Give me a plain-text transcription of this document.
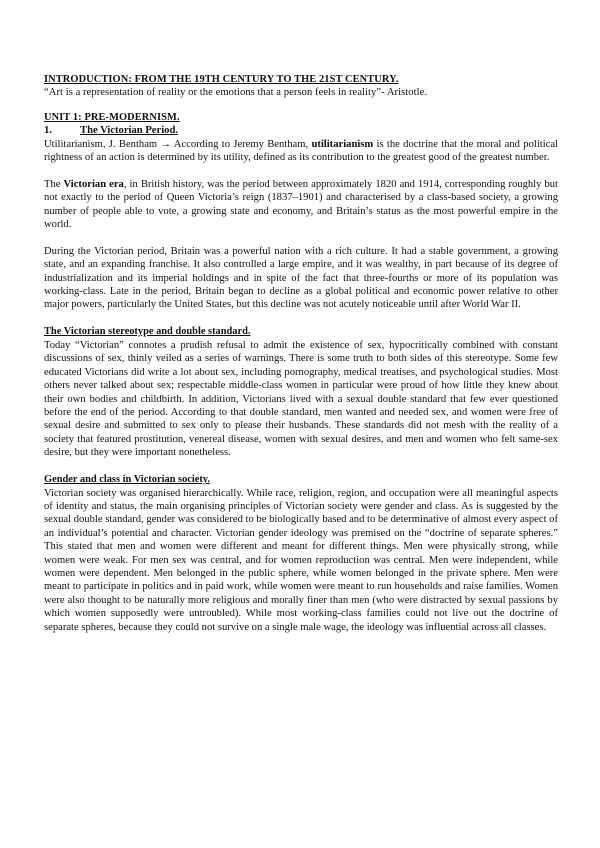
INTRODUCTION: FROM THE 19TH CENTURY TO THE 21ST CENTURY.

“Art is a representation of reality or the emotions that a person feels in reality”- Aristotle.

UNIT 1: PRE-MODERNISM.

1.	The Victorian Period.

Utilitarianism, J. Bentham → According to Jeremy Bentham, utilitarianism is the doctrine that the moral and political rightness of an action is determined by its utility, defined as its contribution to the greatest good of the greatest number.

The Victorian era, in British history, was the period between approximately 1820 and 1914, corresponding roughly but not exactly to the period of Queen Victoria’s reign (1837–1901) and characterised by a class-based society, a growing number of people able to vote, a growing state and economy, and Britain’s status as the most powerful empire in the world.

During the Victorian period, Britain was a powerful nation with a rich culture. It had a stable government, a growing state, and an expanding franchise. It also controlled a large empire, and it was wealthy, in part because of its degree of industrialization and its imperial holdings and in spite of the fact that three-fourths or more of its population was working-class. Late in the period, Britain began to decline as a global political and economic power relative to other major powers, particularly the United States, but this decline was not acutely noticeable until after World War II.

The Victorian stereotype and double standard.

Today “Victorian” connotes a prudish refusal to admit the existence of sex, hypocritically combined with constant discussions of sex, thinly veiled as a series of warnings. There is some truth to both sides of this stereotype. Some few educated Victorians did write a lot about sex, including pornography, medical treatises, and psychological studies. Most others never talked about sex; respectable middle-class women in particular were proud of how little they knew about their own bodies and childbirth. In addition, Victorians lived with a sexual double standard that few ever questioned before the end of the period. According to that double standard, men wanted and needed sex, and women were free of sexual desire and submitted to sex only to please their husbands. These standards did not mesh with the reality of a society that featured prostitution, venereal disease, women with sexual desires, and men and women who felt same-sex desire, but they were important nonetheless.

Gender and class in Victorian society.

Victorian society was organised hierarchically. While race, religion, region, and occupation were all meaningful aspects of identity and status, the main organising principles of Victorian society were gender and class. As is suggested by the sexual double standard, gender was considered to be biologically based and to be determinative of almost every aspect of an individual’s potential and character. Victorian gender ideology was premised on the “doctrine of separate spheres.” This stated that men and women were different and meant for different things. Men were physically strong, while women were weak. For men sex was central, and for women reproduction was central. Men were independent, while women were dependent. Men belonged in the public sphere, while women belonged in the private sphere. Men were meant to participate in politics and in paid work, while women were meant to run households and raise families. Women were also thought to be naturally more religious and morally finer than men (who were distracted by sexual passions by which women supposedly were untroubled). While most working-class families could not live out the doctrine of separate spheres, because they could not survive on a single male wage, the ideology was influential across all classes.
